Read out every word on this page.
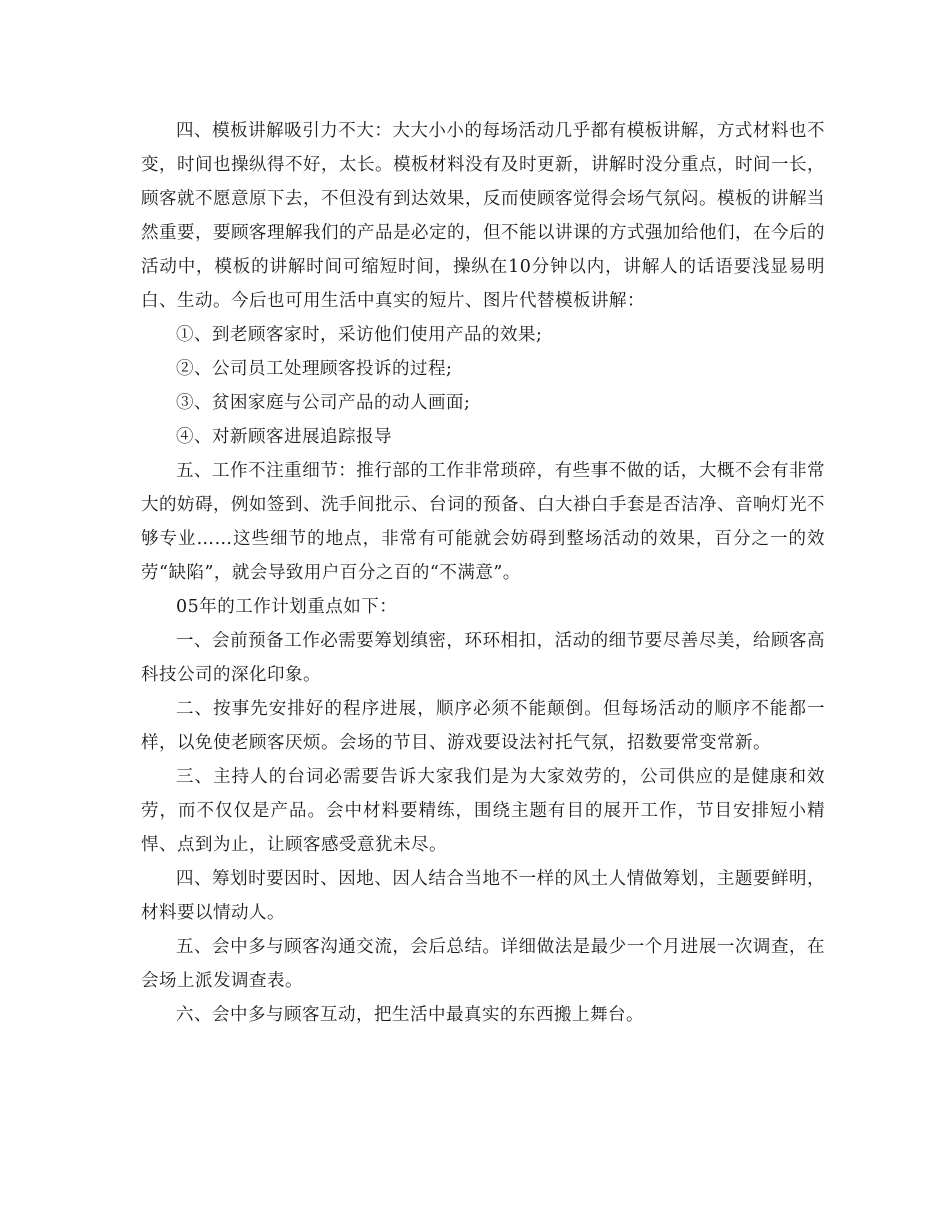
四、模板讲解吸引力不大：大大小小的每场活动几乎都有模板讲解，方式材料也不变，时间也操纵得不好，太长。模板材料没有及时更新，讲解时没分重点，时间一长，顾客就不愿意原下去，不但没有到达效果，反而使顾客觉得会场气氛闷。模板的讲解当然重要，要顾客理解我们的产品是必定的，但不能以讲课的方式强加给他们，在今后的活动中，模板的讲解时间可缩短时间，操纵在10分钟以内，讲解人的话语要浅显易明白、生动。今后也可用生活中真实的短片、图片代替模板讲解：

①、到老顾客家时，采访他们使用产品的效果;

②、公司员工处理顾客投诉的过程;

③、贫困家庭与公司产品的动人画面;

④、对新顾客进展追踪报导

五、工作不注重细节：推行部的工作非常琐碎，有些事不做的话，大概不会有非常大的妨碍，例如签到、洗手间批示、台词的预备、白大褂白手套是否洁净、音响灯光不够专业……这些细节的地点，非常有可能就会妨碍到整场活动的效果，百分之一的效劳“缺陷”，就会导致用户百分之百的“不满意”。

05年的工作计划重点如下：

一、会前预备工作必需要筹划缜密，环环相扣，活动的细节要尽善尽美，给顾客高科技公司的深化印象。

二、按事先安排好的程序进展，顺序必须不能颠倒。但每场活动的顺序不能都一样，以免使老顾客厌烦。会场的节目、游戏要设法衬托气氛，招数要常变常新。

三、主持人的台词必需要告诉大家我们是为大家效劳的，公司供应的是健康和效劳，而不仅仅是产品。会中材料要精练，围绕主题有目的展开工作，节目安排短小精悍、点到为止，让顾客感受意犹未尽。

四、筹划时要因时、因地、因人结合当地不一样的风土人情做筹划，主题要鲜明，材料要以情动人。

五、会中多与顾客沟通交流，会后总结。详细做法是最少一个月进展一次调查，在会场上派发调查表。

六、会中多与顾客互动，把生活中最真实的东西搬上舞台。
